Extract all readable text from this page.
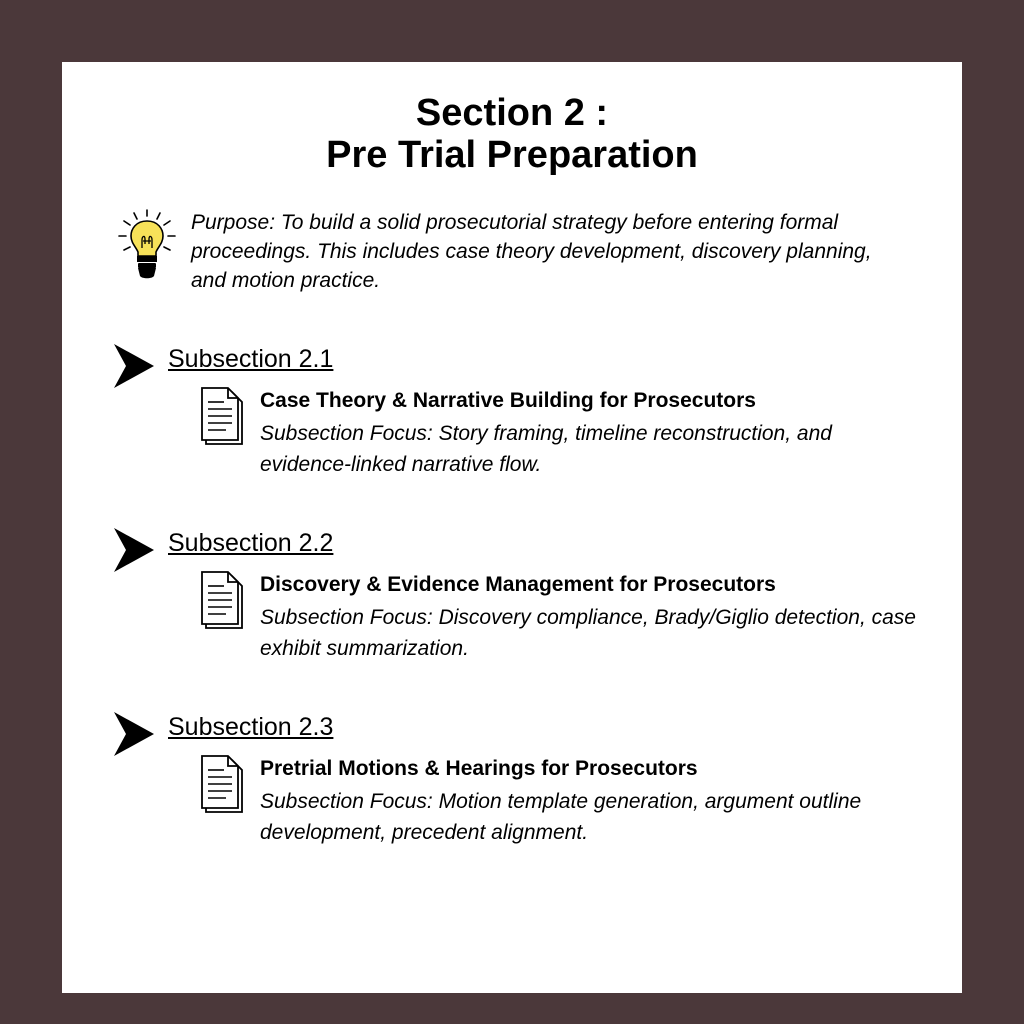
Section 2 :
Pre Trial Preparation
Purpose: To build a solid prosecutorial strategy before entering formal proceedings. This includes case theory development, discovery planning, and motion practice.
Subsection 2.1
Case Theory & Narrative Building for Prosecutors
Subsection Focus: Story framing, timeline reconstruction, and evidence-linked narrative flow.
Subsection 2.2
Discovery & Evidence Management for Prosecutors
Subsection Focus: Discovery compliance, Brady/Giglio detection, case exhibit summarization.
Subsection 2.3
Pretrial Motions & Hearings for Prosecutors
Subsection Focus: Motion template generation, argument outline development, precedent alignment.
